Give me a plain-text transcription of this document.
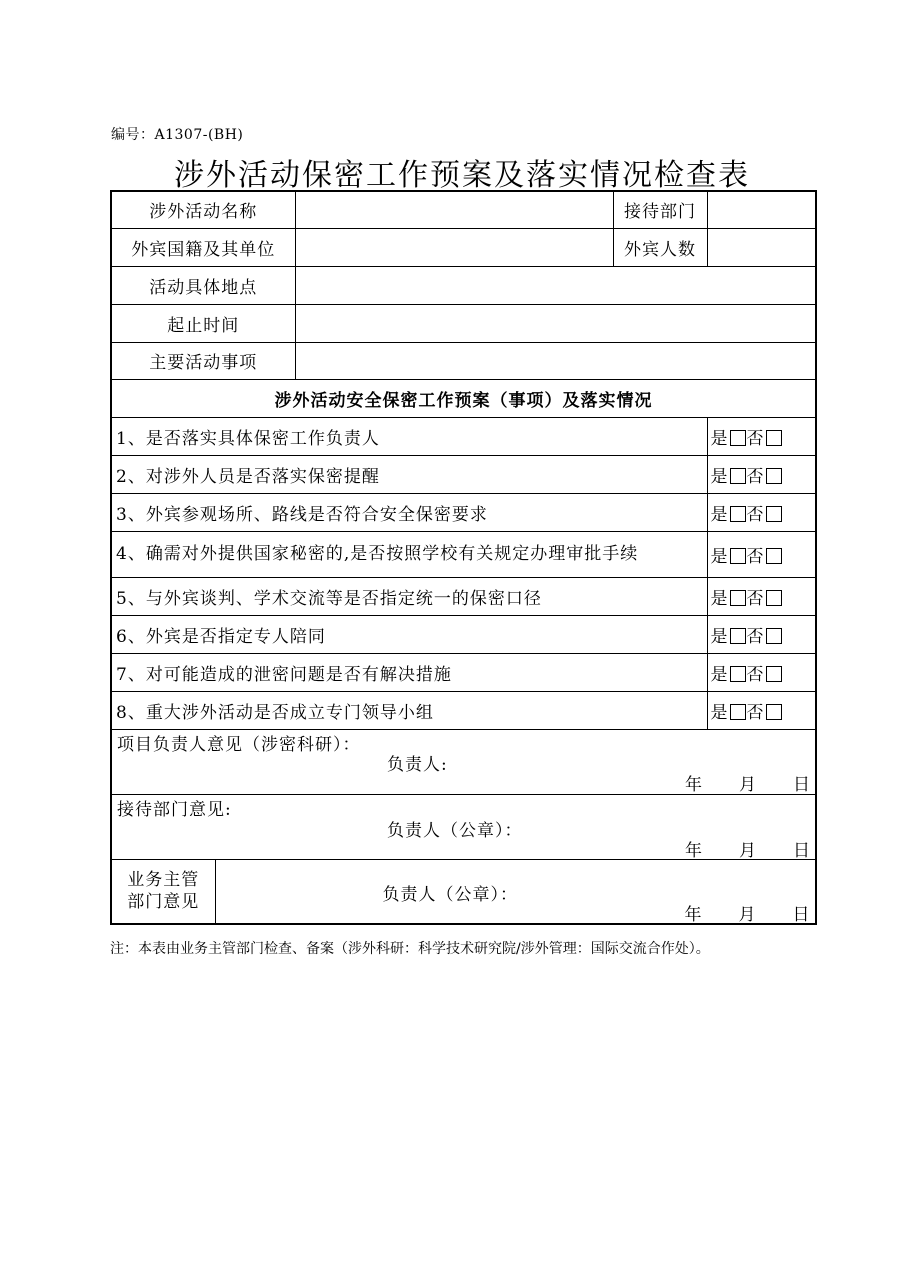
编号：A1307-(BH)
涉外活动保密工作预案及落实情况检查表
涉外活动名称			接待部门	
外宾国籍及其单位			外宾人数	
活动具体地点				
起止时间				
主要活动事项				
涉外活动安全保密工作预案（事项）及落实情况				
1、是否落实具体保密工作负责人				是 否
2、对涉外人员是否落实保密提醒				是 否
3、外宾参观场所、路线是否符合安全保密要求				是 否
4、确需对外提供国家秘密的,是否按照学校有关规定办理审批手续				是 否
5、与外宾谈判、学术交流等是否指定统一的保密口径				是 否
6、外宾是否指定专人陪同				是 否
7、对可能造成的泄密问题是否有解决措施				是 否
8、重大涉外活动是否成立专门领导小组				是 否

项目负责人意见（涉密科研）：
负责人:
年 月 日				

接待部门意见:
负责人（公章）：
年 月 日				

业务主管部门意见	负责人（公章）：
年 月 日			
注：本表由业务主管部门检查、备案（涉外科研：科学技术研究院/涉外管理：国际交流合作处）。
